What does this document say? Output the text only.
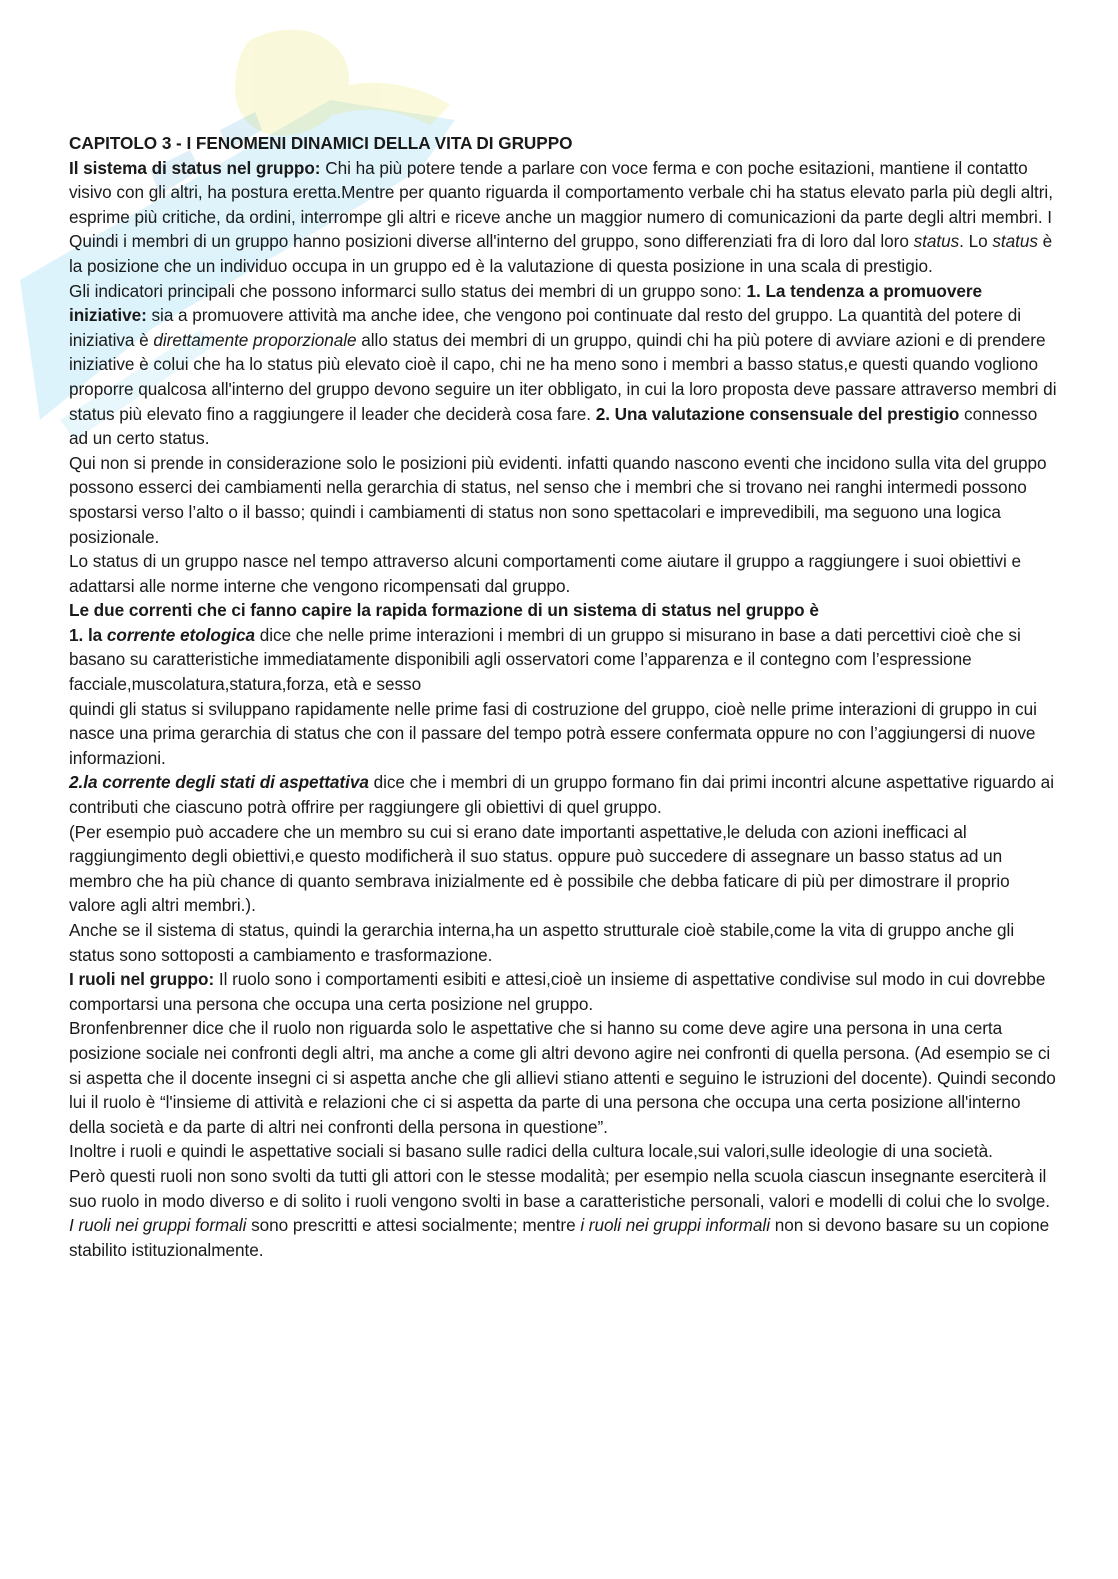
CAPITOLO 3 - I FENOMENI DINAMICI DELLA VITA DI GRUPPO

Il sistema di status nel gruppo: Chi ha più potere tende a parlare con voce ferma e con poche esitazioni, mantiene il contatto visivo con gli altri, ha postura eretta.Mentre per quanto riguarda il comportamento verbale chi ha status elevato parla più degli altri, esprime più critiche, da ordini, interrompe gli altri e riceve anche un maggior numero di comunicazioni da parte degli altri membri. I

Quindi i membri di un gruppo hanno posizioni diverse all'interno del gruppo, sono differenziati fra di loro dal loro status. Lo status è la posizione che un individuo occupa in un gruppo ed è la valutazione di questa posizione in una scala di prestigio.

Gli indicatori principali che possono informarci sullo status dei membri di un gruppo sono: 1. La tendenza a promuovere iniziative: sia a promuovere attività ma anche idee, che vengono poi continuate dal resto del gruppo. La quantità del potere di iniziativa è direttamente proporzionale allo status dei membri di un gruppo, quindi chi ha più potere di avviare azioni e di prendere iniziative è colui che ha lo status più elevato cioè il capo, chi ne ha meno sono i membri a basso status,e questi quando vogliono proporre qualcosa all'interno del gruppo devono seguire un iter obbligato, in cui la loro proposta deve passare attraverso membri di status più elevato fino a raggiungere il leader che deciderà cosa fare. 2. Una valutazione consensuale del prestigio connesso ad un certo status.

Qui non si prende in considerazione solo le posizioni più evidenti. infatti quando nascono eventi che incidono sulla vita del gruppo possono esserci dei cambiamenti nella gerarchia di status, nel senso che i membri che si trovano nei ranghi intermedi possono spostarsi verso l’alto o il basso; quindi i cambiamenti di status non sono spettacolari e imprevedibili, ma seguono una logica posizionale.

Lo status di un gruppo nasce nel tempo attraverso alcuni comportamenti come aiutare il gruppo a raggiungere i suoi obiettivi e adattarsi alle norme interne che vengono ricompensati dal gruppo.

Le due correnti che ci fanno capire la rapida formazione di un sistema di status nel gruppo è

1. la corrente etologica dice che nelle prime interazioni i membri di un gruppo si misurano in base a dati percettivi cioè che si basano su caratteristiche immediatamente disponibili agli osservatori come l’apparenza e il contegno com l’espressione facciale,muscolatura,statura,forza, età e sesso

quindi gli status si sviluppano rapidamente nelle prime fasi di costruzione del gruppo, cioè nelle prime interazioni di gruppo in cui nasce una prima gerarchia di status che con il passare del tempo potrà essere confermata oppure no con l’aggiungersi di nuove informazioni.

2.la corrente degli stati di aspettativa dice che i membri di un gruppo formano fin dai primi incontri alcune aspettative riguardo ai contributi che ciascuno potrà offrire per raggiungere gli obiettivi di quel gruppo.

(Per esempio può accadere che un membro su cui si erano date importanti aspettative,le deluda con azioni inefficaci al raggiungimento degli obiettivi,e questo modificherà il suo status. oppure può succedere di assegnare un basso status ad un membro che ha più chance di quanto sembrava inizialmente ed è possibile che debba faticare di più per dimostrare il proprio valore agli altri membri.).

Anche se il sistema di status, quindi la gerarchia interna,ha un aspetto strutturale cioè stabile,come la vita di gruppo anche gli status sono sottoposti a cambiamento e trasformazione.

I ruoli nel gruppo: Il ruolo sono i comportamenti esibiti e attesi,cioè un insieme di aspettative condivise sul modo in cui dovrebbe comportarsi una persona che occupa una certa posizione nel gruppo.

Bronfenbrenner dice che il ruolo non riguarda solo le aspettative che si hanno su come deve agire una persona in una certa posizione sociale nei confronti degli altri, ma anche a come gli altri devono agire nei confronti di quella persona. (Ad esempio se ci si aspetta che il docente insegni ci si aspetta anche che gli allievi stiano attenti e seguino le istruzioni del docente). Quindi secondo lui il ruolo è “l'insieme di attività e relazioni che ci si aspetta da parte di una persona che occupa una certa posizione all'interno della società e da parte di altri nei confronti della persona in questione”.

Inoltre i ruoli e quindi le aspettative sociali si basano sulle radici della cultura locale,sui valori,sulle ideologie di una società.

Però questi ruoli non sono svolti da tutti gli attori con le stesse modalità; per esempio nella scuola ciascun insegnante eserciterà il suo ruolo in modo diverso e di solito i ruoli vengono svolti in base a caratteristiche personali, valori e modelli di colui che lo svolge.

I ruoli nei gruppi formali sono prescritti e attesi socialmente; mentre i ruoli nei gruppi informali non si devono basare su un copione stabilito istituzionalmente.
